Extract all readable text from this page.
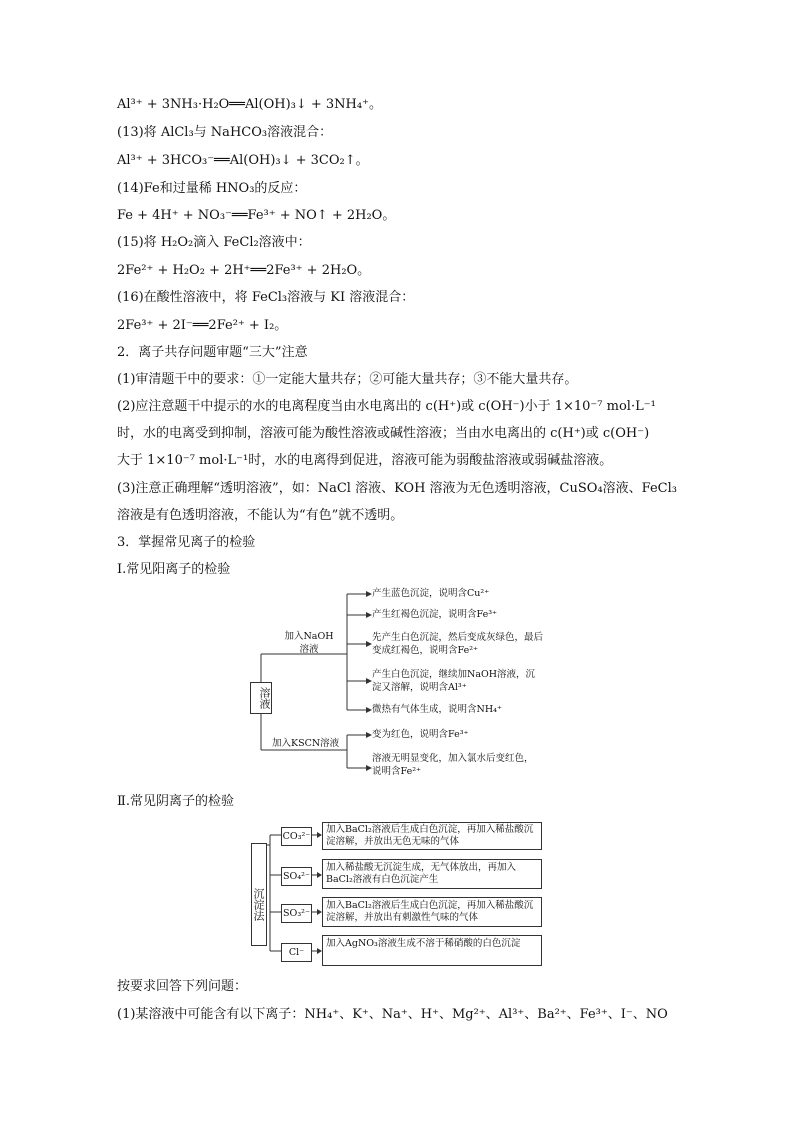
Al³⁺ + 3NH₃·H₂O══Al(OH)₃↓ + 3NH₄⁺。
(13)将 AlCl₃与 NaHCO₃溶液混合：
Al³⁺ + 3HCO₃⁻══Al(OH)₃↓ + 3CO₂↑。
(14)Fe和过量稀 HNO₃的反应：
Fe + 4H⁺ + NO₃⁻══Fe³⁺ + NO↑ + 2H₂O。
(15)将 H₂O₂滴入 FeCl₂溶液中：
2Fe²⁺ + H₂O₂ + 2H⁺══2Fe³⁺ + 2H₂O。
(16)在酸性溶液中，将 FeCl₃溶液与 KI 溶液混合：
2Fe³⁺ + 2I⁻══2Fe²⁺ + I₂。
2．离子共存问题审题“三大”注意
(1)审清题干中的要求：①一定能大量共存；②可能大量共存；③不能大量共存。
(2)应注意题干中提示的水的电离程度当由水电离出的 c(H⁺)或 c(OH⁻)小于 1×10⁻⁷ mol·L⁻¹
时，水的电离受到抑制，溶液可能为酸性溶液或碱性溶液；当由水电离出的 c(H⁺)或 c(OH⁻)
大于 1×10⁻⁷ mol·L⁻¹时，水的电离得到促进，溶液可能为弱酸盐溶液或弱碱盐溶液。
(3)注意正确理解“透明溶液”，如：NaCl 溶液、KOH 溶液为无色透明溶液，CuSO₄溶液、FeCl₃
溶液是有色透明溶液，不能认为“有色”就不透明。
3．掌握常见离子的检验
Ⅰ.常见阳离子的检验
溶液
加入NaOH溶液
加入KSCN溶液
产生蓝色沉淀，说明含Cu²⁺
产生红褐色沉淀，说明含Fe³⁺
先产生白色沉淀，然后变成灰绿色，最后变成红褐色，说明含Fe²⁺
产生白色沉淀，继续加NaOH溶液，沉淀又溶解，说明含Al³⁺
微热有气体生成，说明含NH₄⁺
变为红色，说明含Fe³⁺
溶液无明显变化，加入氯水后变红色，说明含Fe²⁺
Ⅱ.常见阴离子的检验
沉淀法
CO₃²⁻
SO₄²⁻
SO₃²⁻
Cl⁻
加入BaCl₂溶液后生成白色沉淀，再加入稀盐酸沉淀溶解，并放出无色无味的气体
加入稀盐酸无沉淀生成，无气体放出，再加入BaCl₂溶液有白色沉淀产生
加入BaCl₂溶液后生成白色沉淀，再加入稀盐酸沉淀溶解，并放出有刺激性气味的气体
加入AgNO₃溶液生成不溶于稀硝酸的白色沉淀
按要求回答下列问题：
(1)某溶液中可能含有以下离子：NH₄⁺、K⁺、Na⁺、H⁺、Mg²⁺、Al³⁺、Ba²⁺、Fe³⁺、I⁻、NO
